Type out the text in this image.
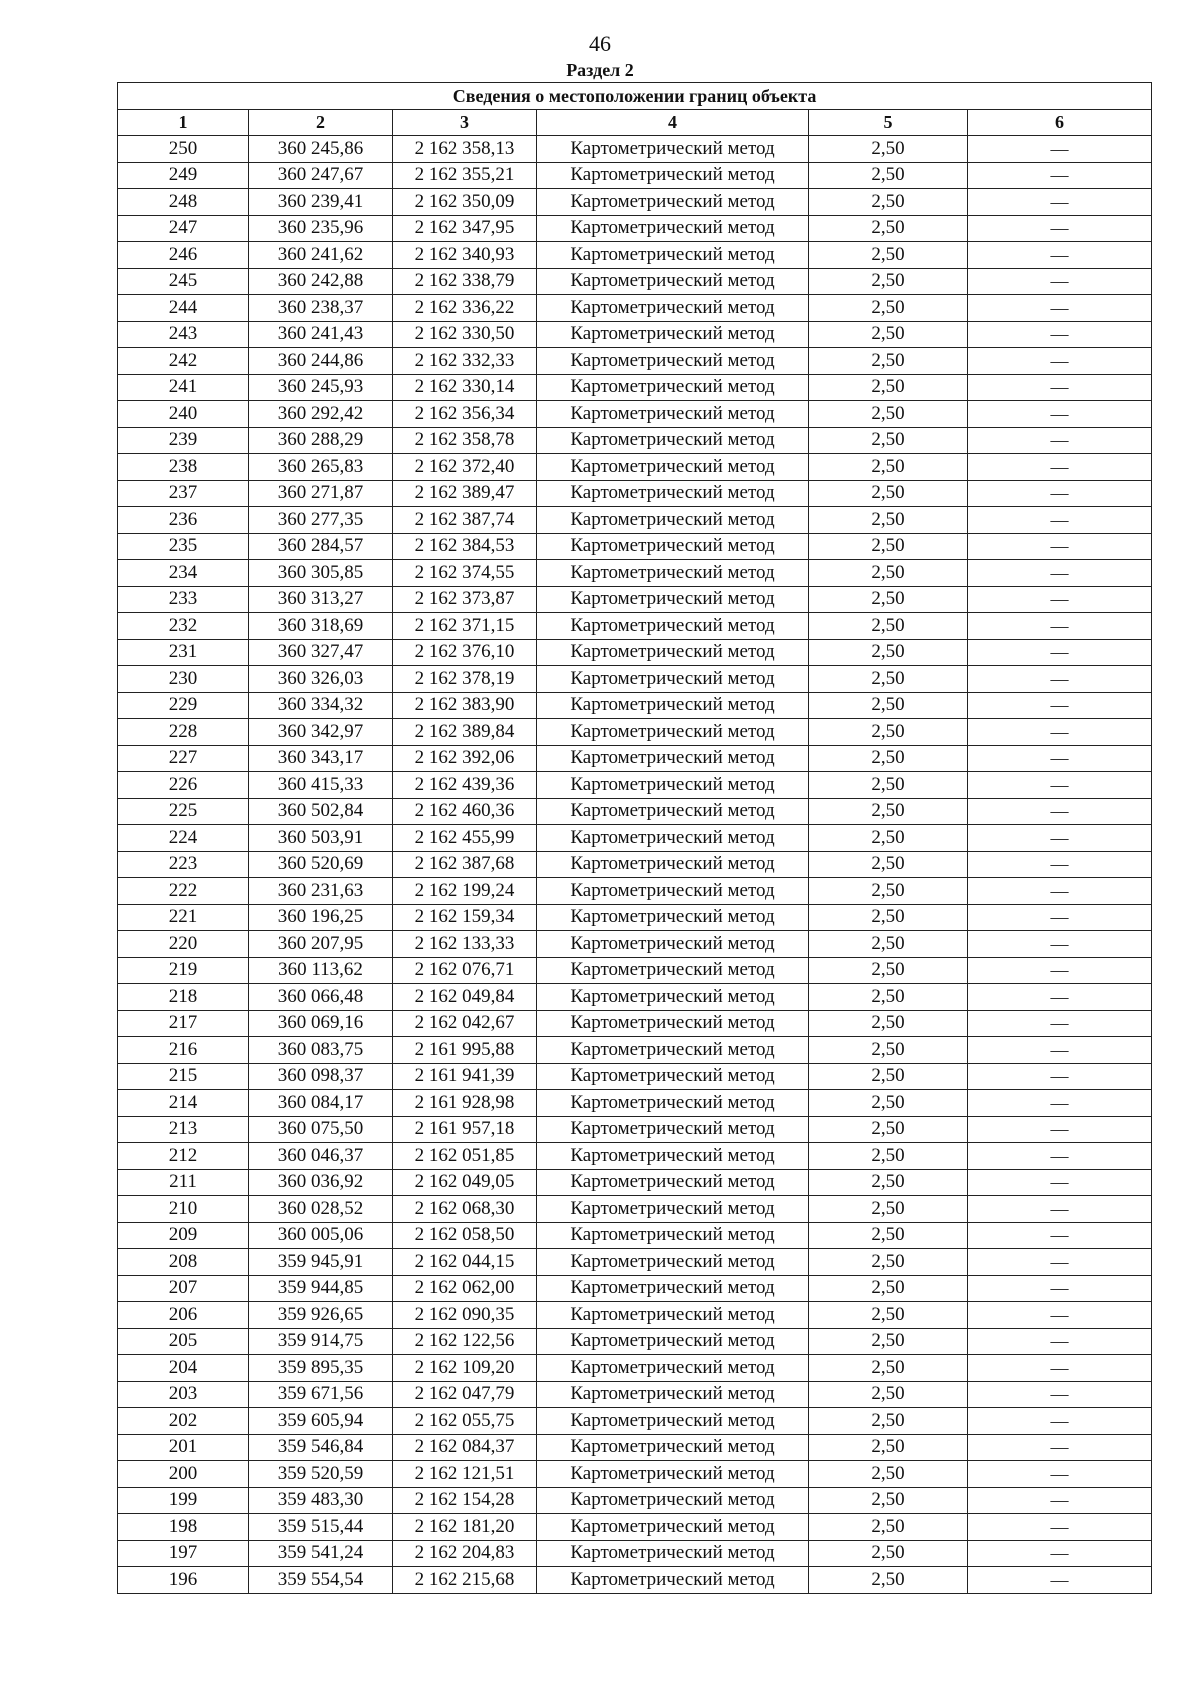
46
Раздел 2
Сведения о местоположении границ объекта					
1	2	3	4	5	6
250	360 245,86	2 162 358,13	Картометрический метод	2,50	—
249	360 247,67	2 162 355,21	Картометрический метод	2,50	—
248	360 239,41	2 162 350,09	Картометрический метод	2,50	—
247	360 235,96	2 162 347,95	Картометрический метод	2,50	—
246	360 241,62	2 162 340,93	Картометрический метод	2,50	—
245	360 242,88	2 162 338,79	Картометрический метод	2,50	—
244	360 238,37	2 162 336,22	Картометрический метод	2,50	—
243	360 241,43	2 162 330,50	Картометрический метод	2,50	—
242	360 244,86	2 162 332,33	Картометрический метод	2,50	—
241	360 245,93	2 162 330,14	Картометрический метод	2,50	—
240	360 292,42	2 162 356,34	Картометрический метод	2,50	—
239	360 288,29	2 162 358,78	Картометрический метод	2,50	—
238	360 265,83	2 162 372,40	Картометрический метод	2,50	—
237	360 271,87	2 162 389,47	Картометрический метод	2,50	—
236	360 277,35	2 162 387,74	Картометрический метод	2,50	—
235	360 284,57	2 162 384,53	Картометрический метод	2,50	—
234	360 305,85	2 162 374,55	Картометрический метод	2,50	—
233	360 313,27	2 162 373,87	Картометрический метод	2,50	—
232	360 318,69	2 162 371,15	Картометрический метод	2,50	—
231	360 327,47	2 162 376,10	Картометрический метод	2,50	—
230	360 326,03	2 162 378,19	Картометрический метод	2,50	—
229	360 334,32	2 162 383,90	Картометрический метод	2,50	—
228	360 342,97	2 162 389,84	Картометрический метод	2,50	—
227	360 343,17	2 162 392,06	Картометрический метод	2,50	—
226	360 415,33	2 162 439,36	Картометрический метод	2,50	—
225	360 502,84	2 162 460,36	Картометрический метод	2,50	—
224	360 503,91	2 162 455,99	Картометрический метод	2,50	—
223	360 520,69	2 162 387,68	Картометрический метод	2,50	—
222	360 231,63	2 162 199,24	Картометрический метод	2,50	—
221	360 196,25	2 162 159,34	Картометрический метод	2,50	—
220	360 207,95	2 162 133,33	Картометрический метод	2,50	—
219	360 113,62	2 162 076,71	Картометрический метод	2,50	—
218	360 066,48	2 162 049,84	Картометрический метод	2,50	—
217	360 069,16	2 162 042,67	Картометрический метод	2,50	—
216	360 083,75	2 161 995,88	Картометрический метод	2,50	—
215	360 098,37	2 161 941,39	Картометрический метод	2,50	—
214	360 084,17	2 161 928,98	Картометрический метод	2,50	—
213	360 075,50	2 161 957,18	Картометрический метод	2,50	—
212	360 046,37	2 162 051,85	Картометрический метод	2,50	—
211	360 036,92	2 162 049,05	Картометрический метод	2,50	—
210	360 028,52	2 162 068,30	Картометрический метод	2,50	—
209	360 005,06	2 162 058,50	Картометрический метод	2,50	—
208	359 945,91	2 162 044,15	Картометрический метод	2,50	—
207	359 944,85	2 162 062,00	Картометрический метод	2,50	—
206	359 926,65	2 162 090,35	Картометрический метод	2,50	—
205	359 914,75	2 162 122,56	Картометрический метод	2,50	—
204	359 895,35	2 162 109,20	Картометрический метод	2,50	—
203	359 671,56	2 162 047,79	Картометрический метод	2,50	—
202	359 605,94	2 162 055,75	Картометрический метод	2,50	—
201	359 546,84	2 162 084,37	Картометрический метод	2,50	—
200	359 520,59	2 162 121,51	Картометрический метод	2,50	—
199	359 483,30	2 162 154,28	Картометрический метод	2,50	—
198	359 515,44	2 162 181,20	Картометрический метод	2,50	—
197	359 541,24	2 162 204,83	Картометрический метод	2,50	—
196	359 554,54	2 162 215,68	Картометрический метод	2,50	—
